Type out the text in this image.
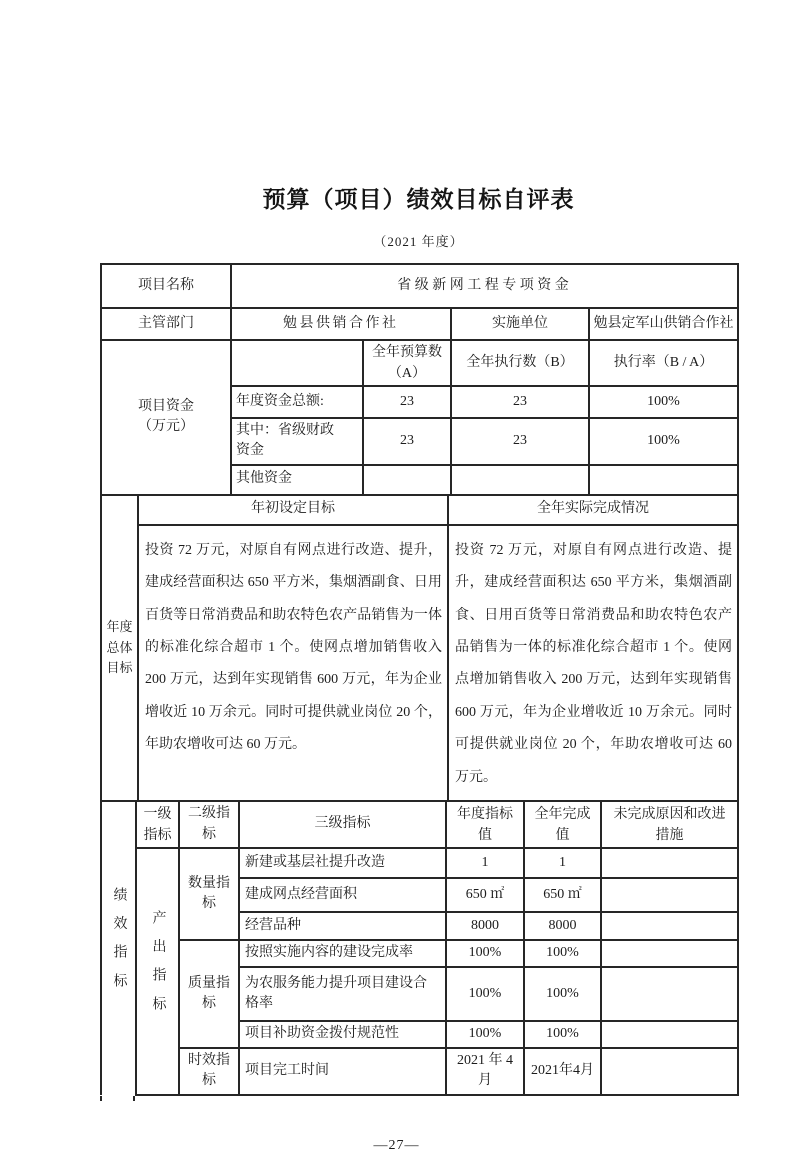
预算（项目）绩效目标自评表
（2021 年度）
项目名称	省级新网工程专项资金			
主管部门	勉县供销合作社		实施单位	勉县定军山供销合作社
项目资金（万元）		全年预算数（A）	全年执行数（B）	执行率（B / A）
	年度资金总额:	23	23	100%
	其中：省级财政资金	23	23	100%
	其他资金			
年度总体目标	年初设定目标	全年实际完成情况
	投资 72 万元，对原自有网点进行改造、提升，建成经营面积达 650 平方米，集烟酒副食、日用百货等日常消费品和助农特色农产品销售为一体的标准化综合超市 1 个。使网点增加销售收入 200 万元，达到年实现销售 600 万元，年为企业增收近 10 万余元。同时可提供就业岗位 20 个，年助农增收可达 60 万元。	投资 72 万元，对原自有网点进行改造、提升，建成经营面积达 650 平方米，集烟酒副食、日用百货等日常消费品和助农特色农产品销售为一体的标准化综合超市 1 个。使网点增加销售收入 200 万元，达到年实现销售 600 万元，年为企业增收近 10 万余元。同时可提供就业岗位 20 个，年助农增收可达 60 万元。
绩效指标	一级指标	二级指标	三级指标	年度指标值	全年完成值	未完成原因和改进措施
	产出指标	数量指标	新建或基层社提升改造	1	1	
			建成网点经营面积	650 ㎡	650 ㎡	
			经营品种	8000	8000	
		质量指标	按照实施内容的建设完成率	100%	100%	
			为农服务能力提升项目建设合格率	100%	100%	
			项目补助资金拨付规范性	100%	100%	
		时效指标	项目完工时间	2021 年 4 月	2021年4月	
—27—
